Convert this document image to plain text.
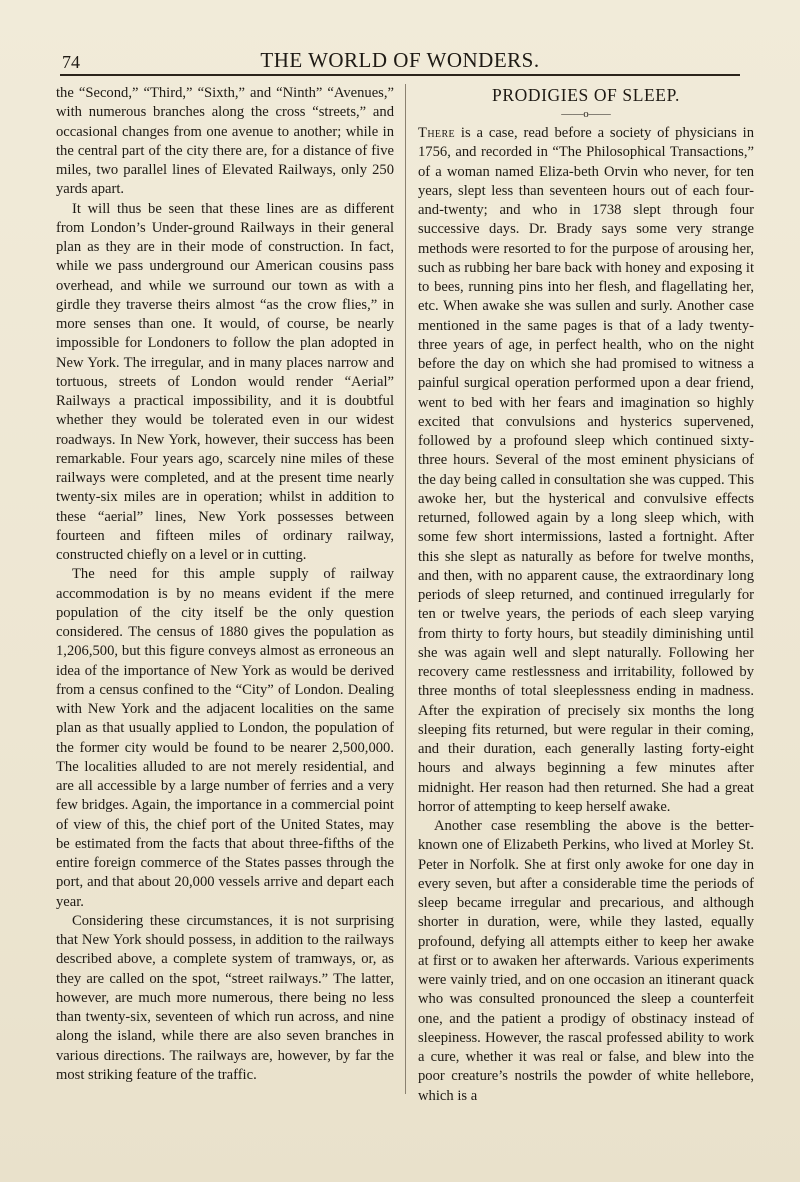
74	THE WORLD OF WONDERS.

the “Second,” “Third,” “Sixth,” and “Ninth” “Avenues,” with numerous branches along the cross “streets,” and occasional changes from one avenue to another; while in the central part of the city there are, for a distance of five miles, two parallel lines of Elevated Railways, only 250 yards apart.

It will thus be seen that these lines are as different from London’s Under-ground Railways in their general plan as they are in their mode of construction. In fact, while we pass underground our American cousins pass overhead, and while we surround our town as with a girdle they traverse theirs almost “as the crow flies,” in more senses than one. It would, of course, be nearly impossible for Londoners to follow the plan adopted in New York. The irregular, and in many places narrow and tortuous, streets of London would render “Aerial” Railways a practical impossibility, and it is doubtful whether they would be tolerated even in our widest roadways. In New York, however, their success has been remarkable. Four years ago, scarcely nine miles of these railways were completed, and at the present time nearly twenty-six miles are in operation; whilst in addition to these “aerial” lines, New York possesses between fourteen and fifteen miles of ordinary railway, constructed chiefly on a level or in cutting.

The need for this ample supply of railway accommodation is by no means evident if the mere population of the city itself be the only question considered. The census of 1880 gives the population as 1,206,500, but this figure conveys almost as erroneous an idea of the importance of New York as would be derived from a census confined to the “City” of London. Dealing with New York and the adjacent localities on the same plan as that usually applied to London, the population of the former city would be found to be nearer 2,500,000. The localities alluded to are not merely residential, and are all accessible by a large number of ferries and a very few bridges. Again, the importance in a commercial point of view of this, the chief port of the United States, may be estimated from the facts that about three-fifths of the entire foreign commerce of the States passes through the port, and that about 20,000 vessels arrive and depart each year.

Considering these circumstances, it is not surprising that New York should possess, in addition to the railways described above, a complete system of tramways, or, as they are called on the spot, “street railways.” The latter, however, are much more numerous, there being no less than twenty-six, seventeen of which run across, and nine along the island, while there are also seven branches in various directions. The railways are, however, by far the most striking feature of the traffic.

PRODIGIES OF SLEEP.
——o——

There is a case, read before a society of physicians in 1756, and recorded in “The Philosophical Transactions,” of a woman named Eliza-beth Orvin who never, for ten years, slept less than seventeen hours out of each four-and-twenty; and who in 1738 slept through four successive days. Dr. Brady says some very strange methods were resorted to for the purpose of arousing her, such as rubbing her bare back with honey and exposing it to bees, running pins into her flesh, and flagellating her, etc. When awake she was sullen and surly. Another case mentioned in the same pages is that of a lady twenty-three years of age, in perfect health, who on the night before the day on which she had promised to witness a painful surgical operation performed upon a dear friend, went to bed with her fears and imagination so highly excited that convulsions and hysterics supervened, followed by a profound sleep which continued sixty-three hours. Several of the most eminent physicians of the day being called in consultation she was cupped. This awoke her, but the hysterical and convulsive effects returned, followed again by a long sleep which, with some few short intermissions, lasted a fortnight. After this she slept as naturally as before for twelve months, and then, with no apparent cause, the extraordinary long periods of sleep returned, and continued irregularly for ten or twelve years, the periods of each sleep varying from thirty to forty hours, but steadily diminishing until she was again well and slept naturally. Following her recovery came restlessness and irritability, followed by three months of total sleeplessness ending in madness. After the expiration of precisely six months the long sleeping fits returned, but were regular in their coming, and their duration, each generally lasting forty-eight hours and always beginning a few minutes after midnight. Her reason had then returned. She had a great horror of attempting to keep herself awake.

Another case resembling the above is the better-known one of Elizabeth Perkins, who lived at Morley St. Peter in Norfolk. She at first only awoke for one day in every seven, but after a considerable time the periods of sleep became irregular and precarious, and although shorter in duration, were, while they lasted, equally profound, defying all attempts either to keep her awake at first or to awaken her afterwards. Various experiments were vainly tried, and on one occasion an itinerant quack who was consulted pronounced the sleep a counterfeit one, and the patient a prodigy of obstinacy instead of sleepiness. However, the rascal professed ability to work a cure, whether it was real or false, and blew into the poor creature’s nostrils the powder of white hellebore, which is a
